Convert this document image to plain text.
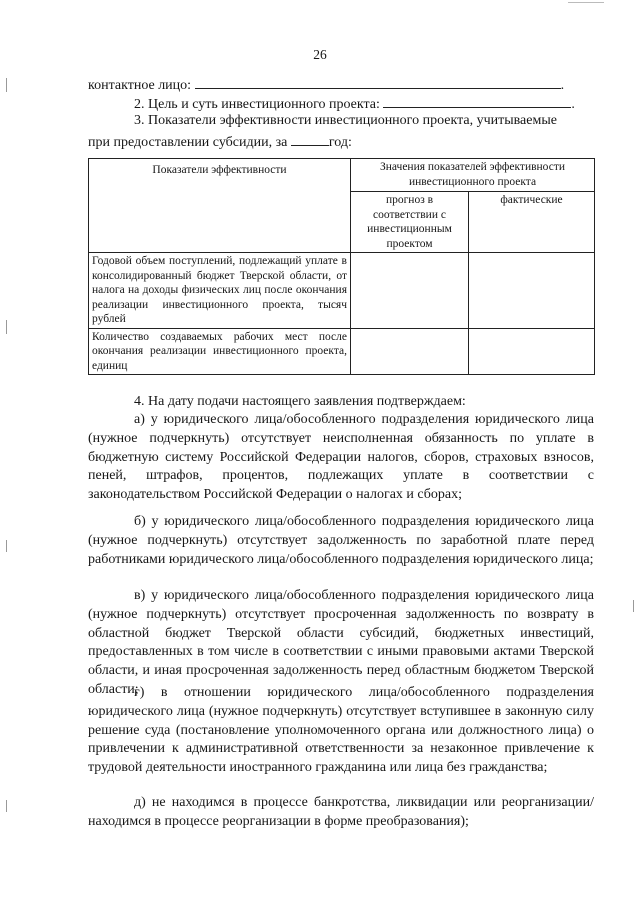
26
контактное лицо:	.
2. Цель и суть инвестиционного проекта:	.
3. Показатели эффективности инвестиционного проекта, учитываемые
при предоставлении субсидии, за	год:
Показатели эффективности	Значения показателей эффективности инвестиционного проекта	
	прогноз в соответствии с инвестиционным проектом	фактические
Годовой объем поступлений, подлежащий уплате в консолидированный бюджет Тверской области, от налога на доходы физических лиц после окончания реализации инвестиционного проекта, тысяч рублей		
Количество создаваемых рабочих мест после окончания реализации инвестиционного проекта, единиц		
4. На дату подачи настоящего заявления подтверждаем:
а) у юридического лица/обособленного подразделения юридического лица (нужное подчеркнуть) отсутствует неисполненная обязанность по уплате в бюджетную систему Российской Федерации налогов, сборов, страховых взносов, пеней, штрафов, процентов, подлежащих уплате в соответствии с законодательством Российской Федерации о налогах и сборах;
б) у юридического лица/обособленного подразделения юридического лица (нужное подчеркнуть) отсутствует задолженность по заработной плате перед работниками юридического лица/обособленного подразделения юридического лица;
в) у юридического лица/обособленного подразделения юридического лица (нужное подчеркнуть) отсутствует просроченная задолженность по возврату в областной бюджет Тверской области субсидий, бюджетных инвестиций, предоставленных в том числе в соответствии с иными правовыми актами Тверской области, и иная просроченная задолженность перед областным бюджетом Тверской области;
г) в отношении юридического лица/обособленного подразделения юридического лица (нужное подчеркнуть) отсутствует вступившее в законную силу решение суда (постановление уполномоченного органа или должностного лица) о привлечении к административной ответственности за незаконное привлечение к трудовой деятельности иностранного гражданина или лица без гражданства;
д) не находимся в процессе банкротства, ликвидации или реорганизации/находимся в процессе реорганизации в форме преобразования);
